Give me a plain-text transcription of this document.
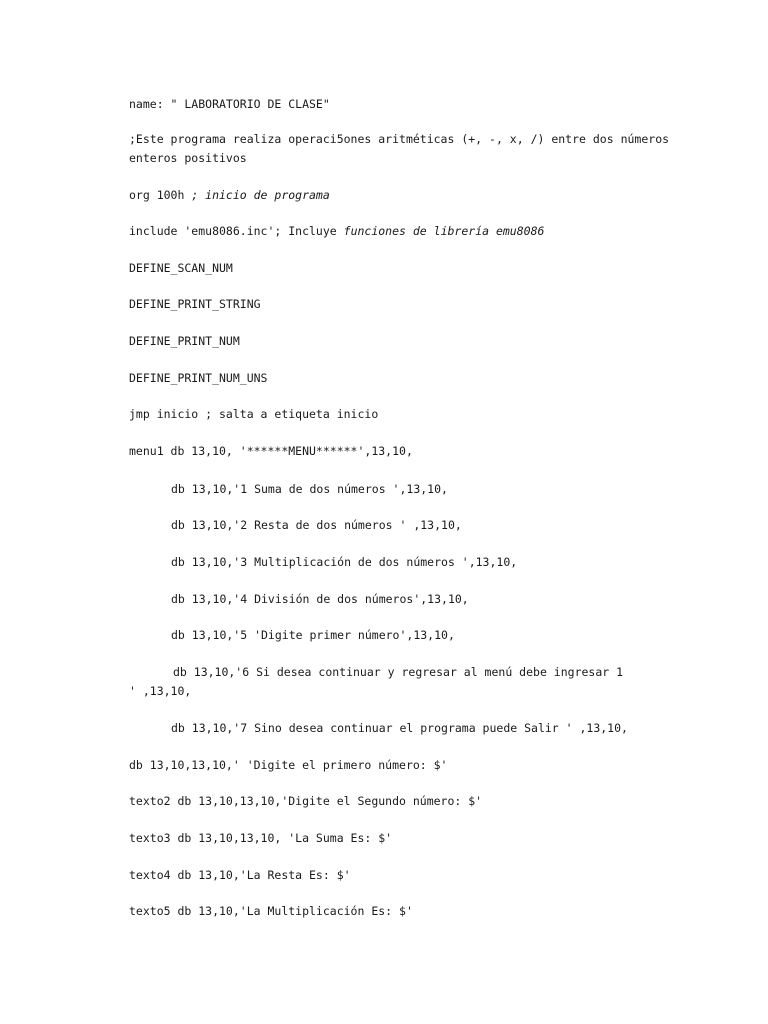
name: " LABORATORIO DE CLASE"
;Este programa realiza operaci5ones aritméticas (+, -, x, /) entre dos números
enteros positivos
org 100h ; inicio de programa
include 'emu8086.inc'; Incluye funciones de librería emu8086
DEFINE_SCAN_NUM
DEFINE_PRINT_STRING
DEFINE_PRINT_NUM
DEFINE_PRINT_NUM_UNS
jmp inicio ; salta a etiqueta inicio
menu1 db 13,10, '******MENU******',13,10,
db 13,10,'1 Suma de dos números ',13,10,
db 13,10,'2 Resta de dos números ' ,13,10,
db 13,10,'3 Multiplicación de dos números ',13,10,
db 13,10,'4 División de dos números',13,10,
db 13,10,'5 'Digite primer número',13,10,
db 13,10,'6 Si desea continuar y regresar al menú debe ingresar 1
' ,13,10,
db 13,10,'7 Sino desea continuar el programa puede Salir ' ,13,10,
db 13,10,13,10,' 'Digite el primero número: $'
texto2 db 13,10,13,10,'Digite el Segundo número: $'
texto3 db 13,10,13,10, 'La Suma Es: $'
texto4 db 13,10,'La Resta Es: $'
texto5 db 13,10,'La Multiplicación Es: $'
